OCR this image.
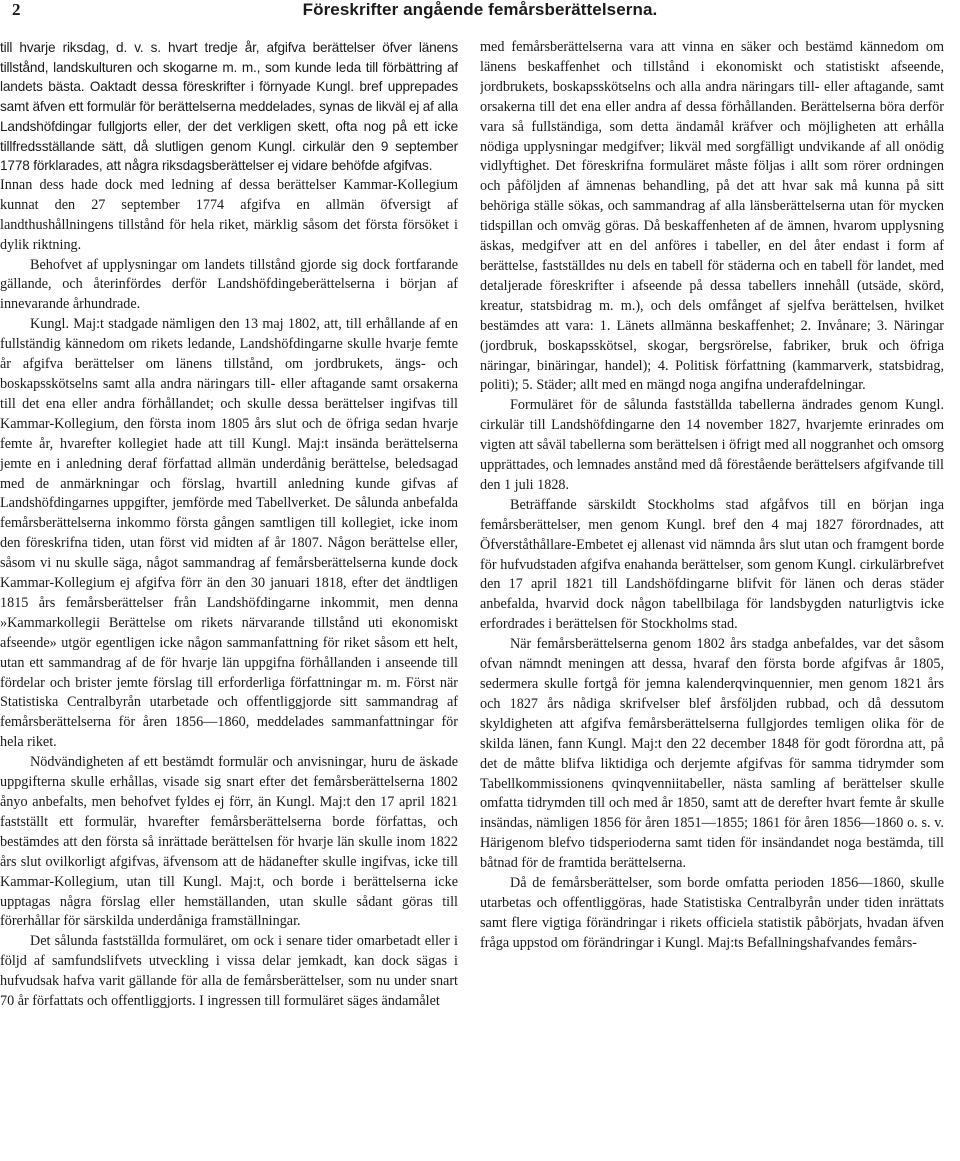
2	Föreskrifter angående femårsberättelserna.

till hvarje riksdag, d. v. s. hvart tredje år, afgifva berättelser öfver länens tillstånd, landskulturen och skogarne m. m., som kunde leda till förbättring af landets bästa. Oaktadt dessa föreskrifter i förnyade Kungl. bref upprepades samt äfven ett formulär för berättelserna meddelades, synas de likväl ej af alla Landshöfdingar fullgjorts eller, der det verkligen skett, ofta nog på ett icke tillfredsställande sätt, då slutligen genom Kungl. cirkulär den 9 september 1778 förklarades, att några riksdagsberättelser ej vidare behöfde afgifvas.

Innan dess hade dock med ledning af dessa berättelser Kammar-Kollegium kunnat den 27 september 1774 afgifva en allmän öfversigt af landthushållningens tillstånd för hela riket, märklig såsom det första försöket i dylik riktning.

Behofvet af upplysningar om landets tillstånd gjorde sig dock fortfarande gällande, och återinfördes derför Landshöfdingeberättelserna i början af innevarande århundrade.

Kungl. Maj:t stadgade nämligen den 13 maj 1802, att, till erhållande af en fullständig kännedom om rikets ledande, Landshöfdingarne skulle hvarje femte år afgifva berättelser om länens tillstånd, om jordbrukets, ängs- och boskapsskötselns samt alla andra näringars till- eller aftagande samt orsakerna till det ena eller andra förhållandet; och skulle dessa berättelser ingifvas till Kammar-Kollegium, den första inom 1805 års slut och de öfriga sedan hvarje femte år, hvarefter kollegiet hade att till Kungl. Maj:t insända berättelserna jemte en i anledning deraf författad allmän underdånig berättelse, beledsagad med de anmärkningar och förslag, hvartill anledning kunde gifvas af Landshöfdingarnes uppgifter, jemförde med Tabellverket. De sålunda anbefalda femårsberättelserna inkommo första gången samtligen till kollegiet, icke inom den föreskrifna tiden, utan först vid midten af år 1807. Någon berättelse eller, såsom vi nu skulle säga, något sammandrag af femårsberättelserna kunde dock Kammar-Kollegium ej afgifva förr än den 30 januari 1818, efter det ändtligen 1815 års femårsberättelser från Landshöfdingarne inkommit, men denna »Kammarkollegii Berättelse om rikets närvarande tillstånd uti ekonomiskt afseende» utgör egentligen icke någon sammanfattning för riket såsom ett helt, utan ett sammandrag af de för hvarje län uppgifna förhållanden i anseende till fördelar och brister jemte förslag till erforderliga författningar m. m. Först när Statistiska Centralbyrån utarbetade och offentliggjorde sitt sammandrag af femårsberättelserna för åren 1856—1860, meddelades sammanfattningar för hela riket.

Nödvändigheten af ett bestämdt formulär och anvisningar, huru de äskade uppgifterna skulle erhållas, visade sig snart efter det femårsberättelserna 1802 ånyo anbefalts, men behofvet fyldes ej förr, än Kungl. Maj:t den 17 april 1821 fastställt ett formulär, hvarefter femårsberättelserna borde författas, och bestämdes att den första så inrättade berättelsen för hvarje län skulle inom 1822 års slut ovilkorligt afgifvas, äfvensom att de hädanefter skulle ingifvas, icke till Kammar-Kollegium, utan till Kungl. Maj:t, och borde i berättelserna icke upptagas några förslag eller hemställanden, utan skulle sådant göras till förerhållar för särskilda underdåniga framställningar.

Det sålunda fastställda formuläret, om ock i senare tider omarbetadt eller i följd af samfundslifvets utveckling i vissa delar jemkadt, kan dock sägas i hufvudsak hafva varit gällande för alla de femårsberättelser, som nu under snart 70 år författats och offentliggjorts. I ingressen till formuläret säges ändamålet

med femårsberättelserna vara att vinna en säker och bestämd kännedom om länens beskaffenhet och tillstånd i ekonomiskt och statistiskt afseende, jordbrukets, boskapsskötselns och alla andra näringars till- eller aftagande, samt orsakerna till det ena eller andra af dessa förhållanden. Berättelserna böra derför vara så fullständiga, som detta ändamål kräfver och möjligheten att erhålla nödiga upplysningar medgifver; likväl med sorgfälligt undvikande af all onödig vidlyftighet. Det föreskrifna formuläret måste följas i allt som rörer ordningen och påföljden af ämnenas behandling, på det att hvar sak må kunna på sitt behöriga ställe sökas, och sammandrag af alla länsberättelserna utan för mycken tidspillan och omväg göras. Då beskaffenheten af de ämnen, hvarom upplysning äskas, medgifver att en del anföres i tabeller, en del åter endast i form af berättelse, fastställdes nu dels en tabell för städerna och en tabell för landet, med detaljerade föreskrifter i afseende på dessa tabellers innehåll (utsäde, skörd, kreatur, statsbidrag m. m.), och dels omfånget af sjelfva berättelsen, hvilket bestämdes att vara: 1. Länets allmänna beskaffenhet; 2. Invånare; 3. Näringar (jordbruk, boskapsskötsel, skogar, bergsrörelse, fabriker, bruk och öfriga näringar, binäringar, handel); 4. Politisk författning (kammarverk, statsbidrag, politi); 5. Städer; allt med en mängd noga angifna underafdelningar.

Formuläret för de sålunda fastställda tabellerna ändrades genom Kungl. cirkulär till Landshöfdingarne den 14 november 1827, hvarjemte erinrades om vigten att såväl tabellerna som berättelsen i öfrigt med all noggranhet och omsorg upprättades, och lemnades anstånd med då förestående berättelsers afgifvande till den 1 juli 1828.

Beträffande särskildt Stockholms stad afgåfvos till en början inga femårsberättelser, men genom Kungl. bref den 4 maj 1827 förordnades, att Öfverståthållare-Embetet ej allenast vid nämnda års slut utan och framgent borde för hufvudstaden afgifva enahanda berättelser, som genom Kungl. cirkulärbrefvet den 17 april 1821 till Landshöfdingarne blifvit för länen och deras städer anbefalda, hvarvid dock någon tabellbilaga för landsbygden naturligtvis icke erfordrades i berättelsen för Stockholms stad.

När femårsberättelserna genom 1802 års stadga anbefaldes, var det såsom ofvan nämndt meningen att dessa, hvaraf den första borde afgifvas år 1805, sedermera skulle fortgå för jemna kalenderqvinquennier, men genom 1821 års och 1827 års nådiga skrifvelser blef årsföljden rubbad, och då dessutom skyldigheten att afgifva femårsberättelserna fullgjordes temligen olika för de skilda länen, fann Kungl. Maj:t den 22 december 1848 för godt förordna att, på det de måtte blifva liktidiga och derjemte afgifvas för samma tidrymder som Tabellkommissionens qvinqvenniitabeller, nästa samling af berättelser skulle omfatta tidrymden till och med år 1850, samt att de derefter hvart femte år skulle insändas, nämligen 1856 för åren 1851—1855; 1861 för åren 1856—1860 o. s. v. Härigenom blefvo tidsperioderna samt tiden för insändandet noga bestämda, till båtnad för de framtida berättelserna.

Då de femårsberättelser, som borde omfatta perioden 1856—1860, skulle utarbetas och offentliggöras, hade Statistiska Centralbyrån under tiden inrättats samt flere vigtiga förändringar i rikets officiela statistik påbörjats, hvadan äfven fråga uppstod om förändringar i Kungl. Maj:ts Befallningshafvandes femårs-
